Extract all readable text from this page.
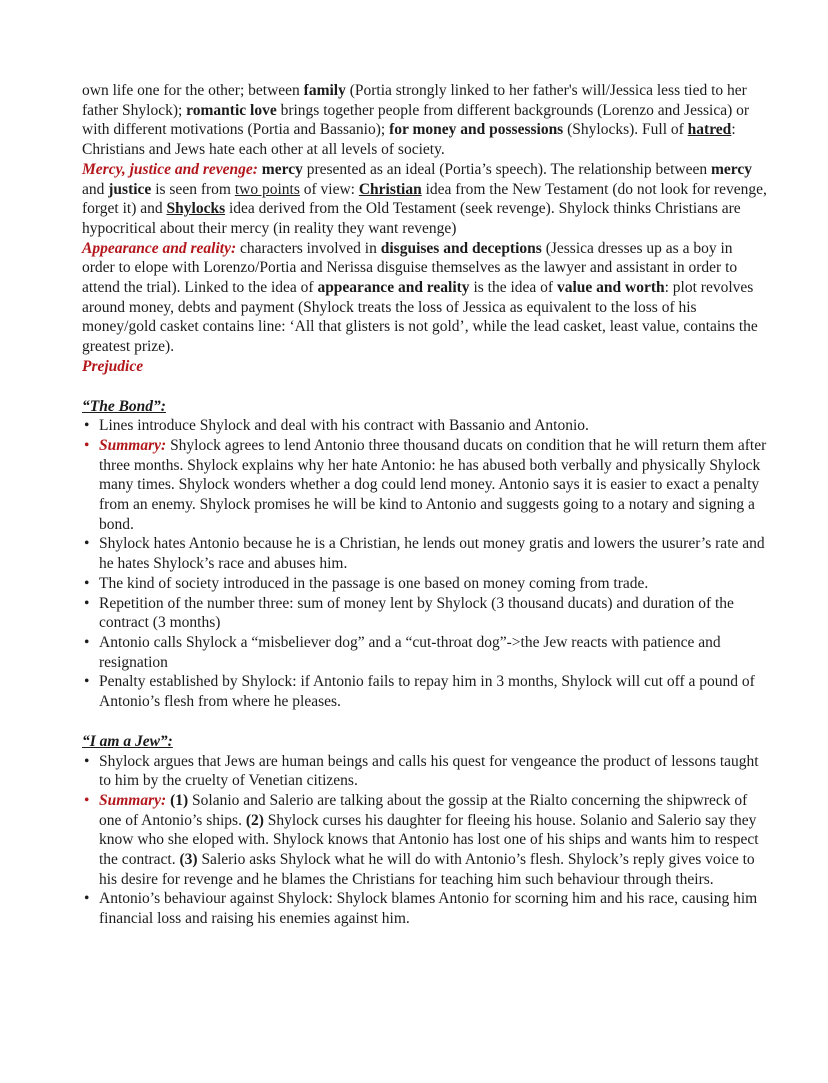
own life one for the other; between family (Portia strongly linked to her father's will/Jessica less tied to her father Shylock); romantic love brings together people from different backgrounds (Lorenzo and Jessica) or with different motivations (Portia and Bassanio); for money and possessions (Shylocks). Full of hatred: Christians and Jews hate each other at all levels of society.

Mercy, justice and revenge: mercy presented as an ideal (Portia’s speech). The relationship between mercy and justice is seen from two points of view: Christian idea from the New Testament (do not look for revenge, forget it) and Shylocks idea derived from the Old Testament (seek revenge). Shylock thinks Christians are hypocritical about their mercy (in reality they want revenge)

Appearance and reality: characters involved in disguises and deceptions (Jessica dresses up as a boy in order to elope with Lorenzo/Portia and Nerissa disguise themselves as the lawyer and assistant in order to attend the trial). Linked to the idea of appearance and reality is the idea of value and worth: plot revolves around money, debts and payment (Shylock treats the loss of Jessica as equivalent to the loss of his money/gold casket contains line: ‘All that glisters is not gold’, while the lead casket, least value, contains the greatest prize).

Prejudice

“The Bond”:

• Lines introduce Shylock and deal with his contract with Bassanio and Antonio.
• Summary: Shylock agrees to lend Antonio three thousand ducats on condition that he will return them after three months. Shylock explains why her hate Antonio: he has abused both verbally and physically Shylock many times. Shylock wonders whether a dog could lend money. Antonio says it is easier to exact a penalty from an enemy. Shylock promises he will be kind to Antonio and suggests going to a notary and signing a bond.
• Shylock hates Antonio because he is a Christian, he lends out money gratis and lowers the usurer’s rate and he hates Shylock’s race and abuses him.
• The kind of society introduced in the passage is one based on money coming from trade.
• Repetition of the number three: sum of money lent by Shylock (3 thousand ducats) and duration of the contract (3 months)
• Antonio calls Shylock a “misbeliever dog” and a “cut-throat dog”->the Jew reacts with patience and resignation
• Penalty established by Shylock: if Antonio fails to repay him in 3 months, Shylock will cut off a pound of Antonio’s flesh from where he pleases.

“I am a Jew”:

• Shylock argues that Jews are human beings and calls his quest for vengeance the product of lessons taught to him by the cruelty of Venetian citizens.
• Summary: (1) Solanio and Salerio are talking about the gossip at the Rialto concerning the shipwreck of one of Antonio’s ships. (2) Shylock curses his daughter for fleeing his house. Solanio and Salerio say they know who she eloped with. Shylock knows that Antonio has lost one of his ships and wants him to respect the contract. (3) Salerio asks Shylock what he will do with Antonio’s flesh. Shylock’s reply gives voice to his desire for revenge and he blames the Christians for teaching him such behaviour through theirs.
• Antonio’s behaviour against Shylock: Shylock blames Antonio for scorning him and his race, causing him financial loss and raising his enemies against him.
